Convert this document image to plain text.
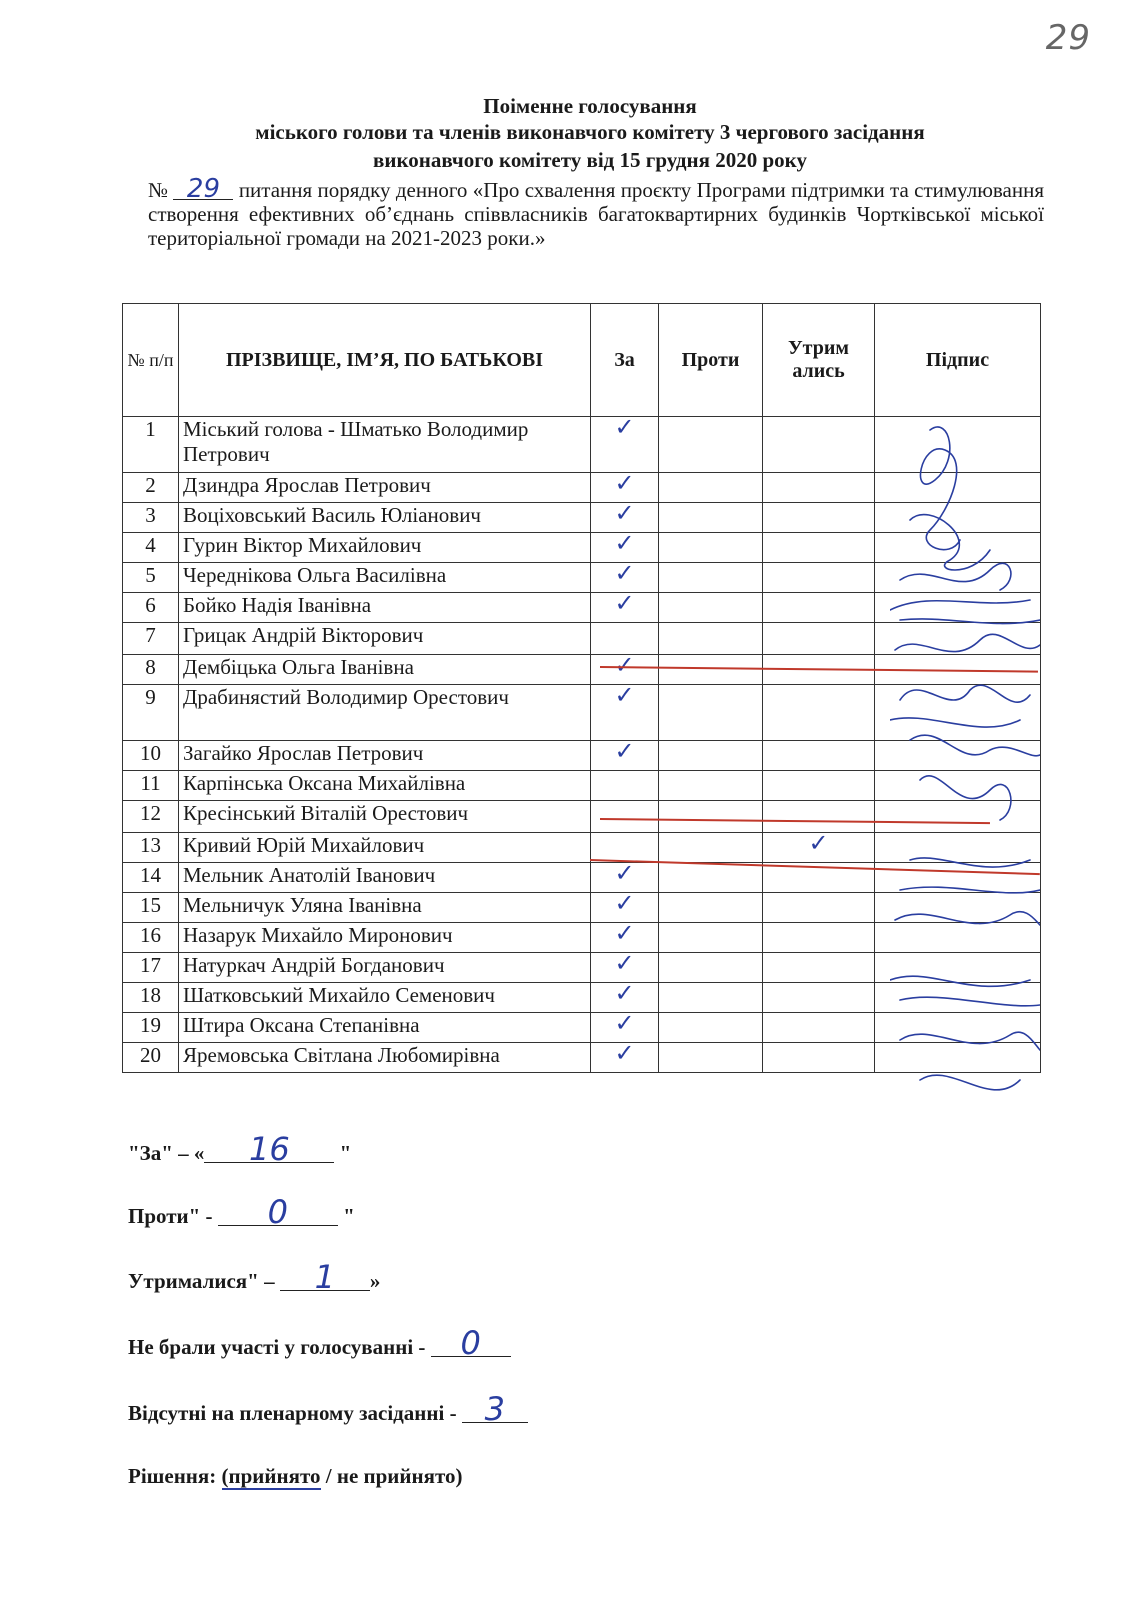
29
Поіменне голосування
міського голови та членів виконавчого комітету 3 чергового засідання
виконавчого комітету від 15 грудня 2020 року
№ 29 питання порядку денного «Про схвалення проєкту Програми підтримки та стимулювання створення ефективних об’єднань співвласників багатоквартирних будинків Чортківської міської територіальної громади на 2021-2023 роки.»
№ п/п	ПРІЗВИЩЕ, ІМ’Я, ПО БАТЬКОВІ	За	Проти	Утрим ались	Підпис
1	Міський голова - Шматько Володимир Петрович	✓			
2	Дзиндра Ярослав Петрович	✓			
3	Воціховський Василь Юліанович	✓			
4	Гурин Віктор Михайлович	✓			
5	Череднікова Ольга Василівна	✓			
6	Бойко Надія Іванівна	✓			
7	Грицак Андрій Вікторович				
8	Дембіцька Ольга Іванівна	✓			
9	Драбинястий Володимир Орестович	✓			
10	Загайко Ярослав Петрович	✓			
11	Карпінська Оксана Михайлівна				
12	Кресінський Віталій Орестович				
13	Кривий Юрій Михайлович			✓	
14	Мельник Анатолій Іванович	✓			
15	Мельничук Уляна Іванівна	✓			
16	Назарук Михайло Миронович	✓			
17	Натуркач Андрій Богданович	✓			
18	Шатковський Михайло Семенович	✓			
19	Штира Оксана Степанівна	✓			
20	Яремовська Світлана Любомирівна	✓			
"За" – « 16 "
Проти" - 0	"
Утрималися" – 1 »
Не брали участі у голосуванні - 0
Відсутні на пленарному засіданні - 3
Рішення: (прийнято / не прийнято)
